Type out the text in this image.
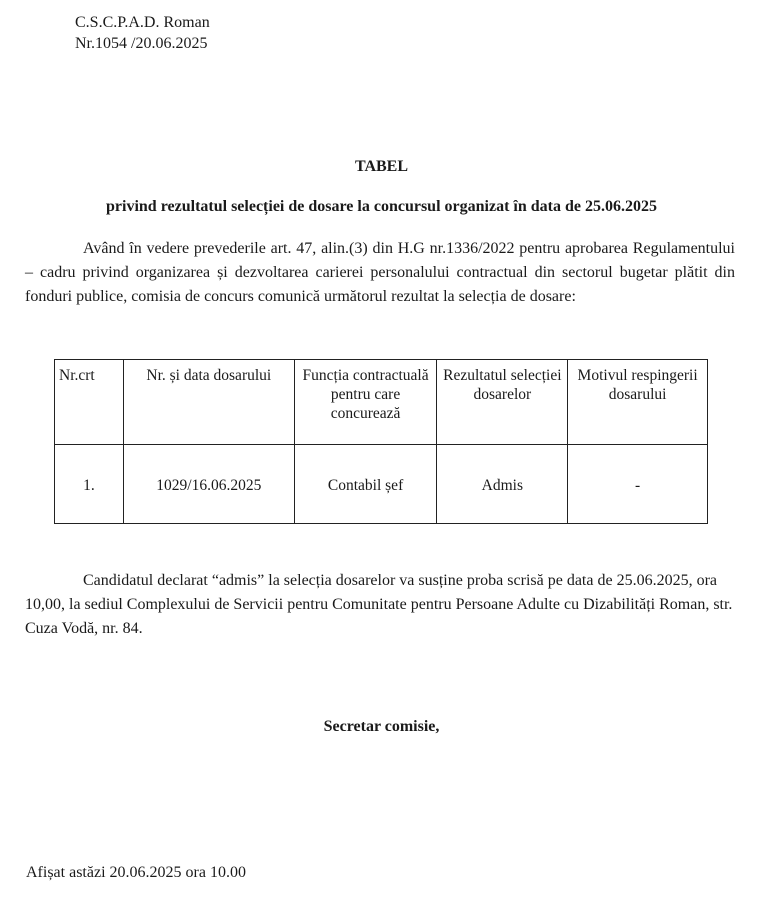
C.S.C.P.A.D. Roman

Nr.1054 /20.06.2025

TABEL

privind rezultatul selecției de dosare la concursul organizat în data de 25.06.2025

Având în vedere prevederile art. 47, alin.(3) din H.G nr.1336/2022 pentru aprobarea Regulamentului – cadru privind organizarea și dezvoltarea carierei personalului contractual din sectorul bugetar plătit din fonduri publice, comisia de concurs comunică următorul rezultat la selecția de dosare:

Nr.crt	Nr. și data dosarului	Funcția contractuală pentru care concurează	Rezultatul selecției dosarelor	Motivul respingerii dosarului
1.	1029/16.06.2025	Contabil șef	Admis	-

Candidatul declarat “admis” la selecția dosarelor va susține proba scrisă pe data de 25.06.2025, ora 10,00, la sediul Complexului de Servicii pentru Comunitate pentru Persoane Adulte cu Dizabilități Roman, str. Cuza Vodă, nr. 84.

Secretar comisie,

Afișat astăzi 20.06.2025 ora 10.00
